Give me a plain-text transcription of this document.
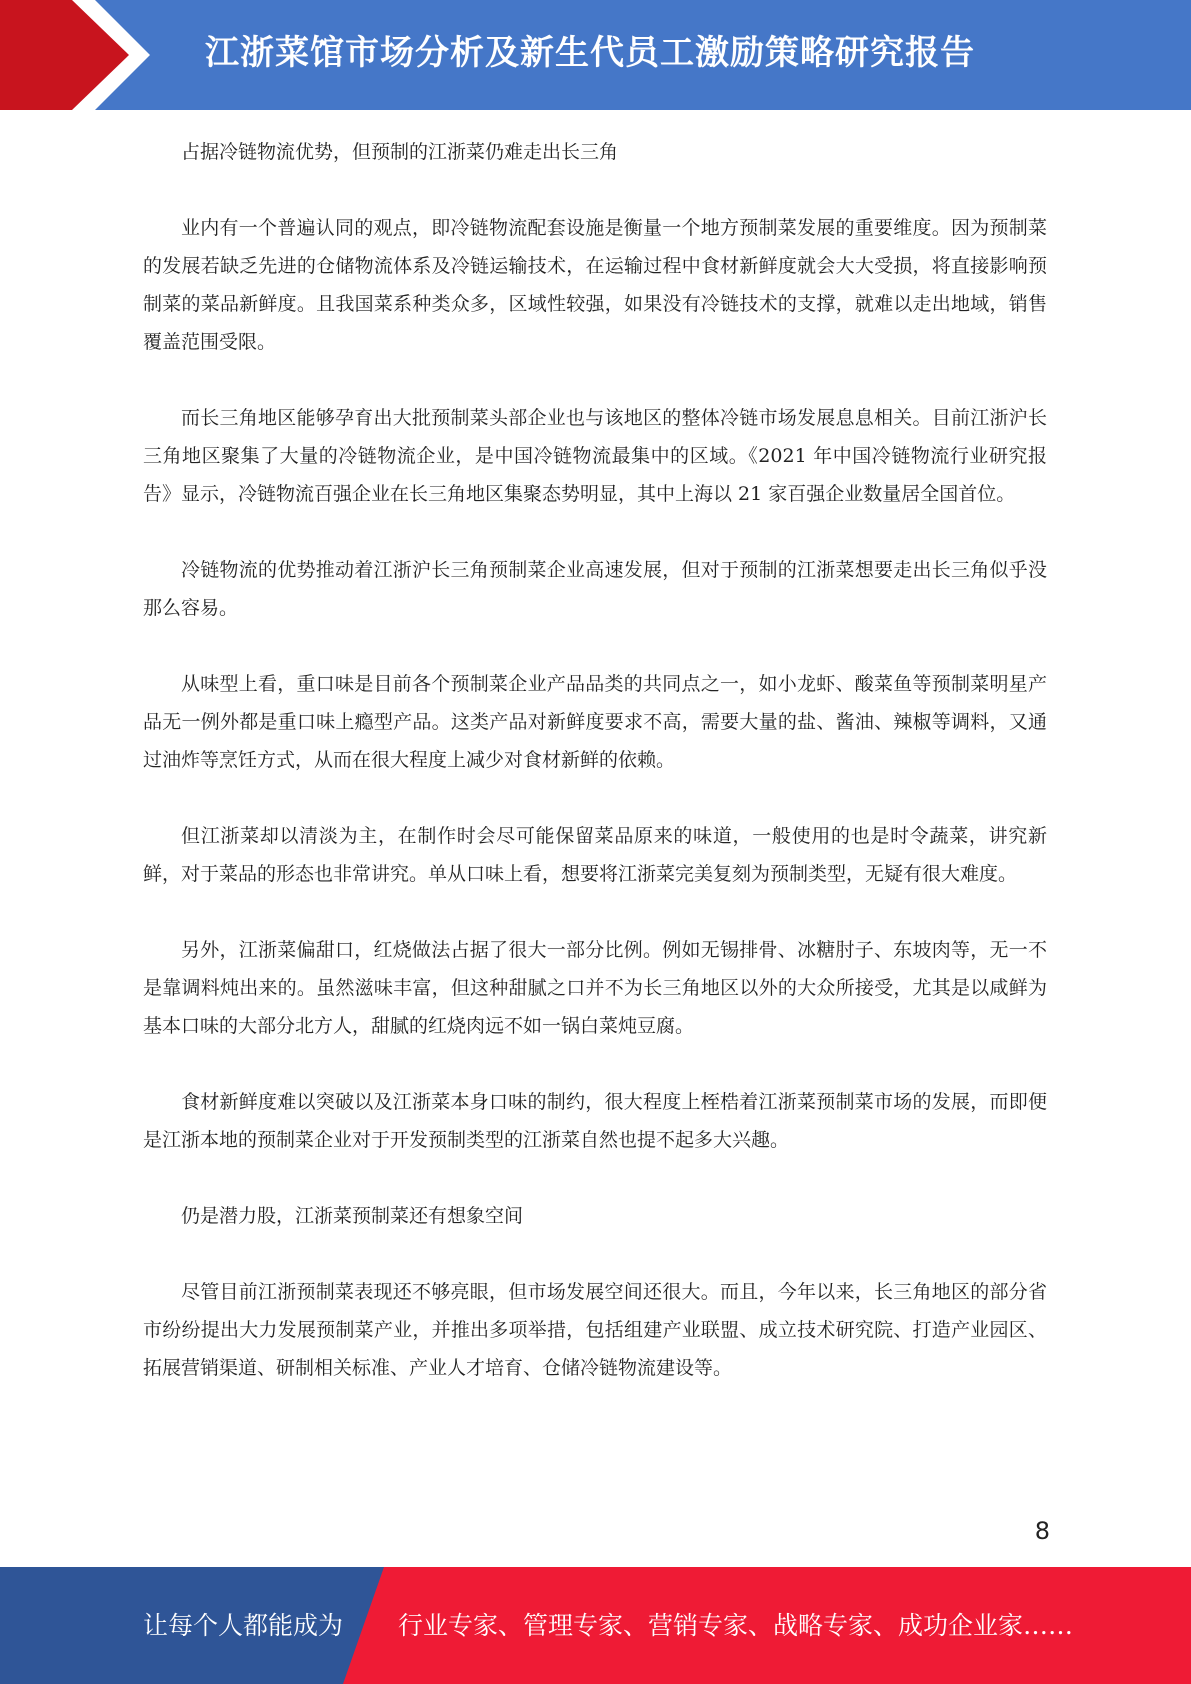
江浙菜馆市场分析及新生代员工激励策略研究报告

占据冷链物流优势，但预制的江浙菜仍难走出长三角

业内有一个普遍认同的观点，即冷链物流配套设施是衡量一个地方预制菜发展的重要维度。因为预制菜的发展若缺乏先进的仓储物流体系及冷链运输技术，在运输过程中食材新鲜度就会大大受损，将直接影响预制菜的菜品新鲜度。且我国菜系种类众多，区域性较强，如果没有冷链技术的支撑，就难以走出地域，销售覆盖范围受限。

而长三角地区能够孕育出大批预制菜头部企业也与该地区的整体冷链市场发展息息相关。目前江浙沪长三角地区聚集了大量的冷链物流企业，是中国冷链物流最集中的区域。《2021 年中国冷链物流行业研究报告》显示，冷链物流百强企业在长三角地区集聚态势明显，其中上海以 21 家百强企业数量居全国首位。

冷链物流的优势推动着江浙沪长三角预制菜企业高速发展，但对于预制的江浙菜想要走出长三角似乎没那么容易。

从味型上看，重口味是目前各个预制菜企业产品品类的共同点之一，如小龙虾、酸菜鱼等预制菜明星产品无一例外都是重口味上瘾型产品。这类产品对新鲜度要求不高，需要大量的盐、酱油、辣椒等调料，又通过油炸等烹饪方式，从而在很大程度上减少对食材新鲜的依赖。

但江浙菜却以清淡为主，在制作时会尽可能保留菜品原来的味道，一般使用的也是时令蔬菜，讲究新鲜，对于菜品的形态也非常讲究。单从口味上看，想要将江浙菜完美复刻为预制类型，无疑有很大难度。

另外，江浙菜偏甜口，红烧做法占据了很大一部分比例。例如无锡排骨、冰糖肘子、东坡肉等，无一不是靠调料炖出来的。虽然滋味丰富，但这种甜腻之口并不为长三角地区以外的大众所接受，尤其是以咸鲜为基本口味的大部分北方人，甜腻的红烧肉远不如一锅白菜炖豆腐。

食材新鲜度难以突破以及江浙菜本身口味的制约，很大程度上桎梏着江浙菜预制菜市场的发展，而即便是江浙本地的预制菜企业对于开发预制类型的江浙菜自然也提不起多大兴趣。

仍是潜力股，江浙菜预制菜还有想象空间

尽管目前江浙预制菜表现还不够亮眼，但市场发展空间还很大。而且，今年以来，长三角地区的部分省市纷纷提出大力发展预制菜产业，并推出多项举措，包括组建产业联盟、成立技术研究院、打造产业园区、拓展营销渠道、研制相关标准、产业人才培育、仓储冷链物流建设等。

8
让每个人都能成为 行业专家、管理专家、营销专家、战略专家、成功企业家……
